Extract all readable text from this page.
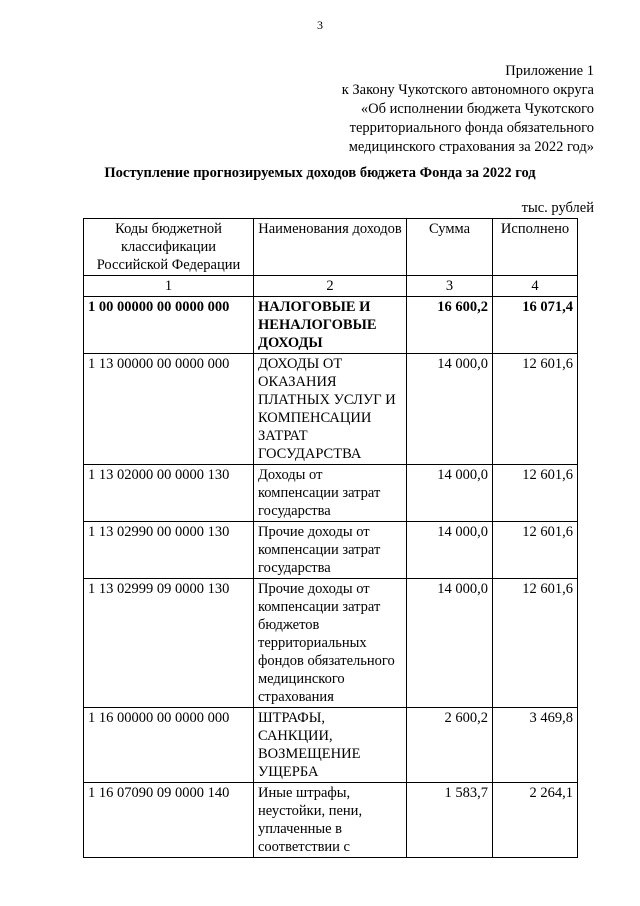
3
Приложение 1
к Закону Чукотского автономного округа
«Об исполнении бюджета Чукотского
территориального фонда обязательного
медицинского страхования за 2022 год»
Поступление прогнозируемых доходов бюджета Фонда за 2022 год
тыс. рублей
Коды бюджетной классификации Российской Федерации	Наименования доходов	Сумма	Исполнено
1	2	3	4
1 00 00000 00 0000 000	НАЛОГОВЫЕ И НЕНАЛОГОВЫЕ ДОХОДЫ	16 600,2	16 071,4
1 13 00000 00 0000 000	ДОХОДЫ ОТ ОКАЗАНИЯ ПЛАТНЫХ УСЛУГ И КОМПЕНСАЦИИ ЗАТРАТ ГОСУДАРСТВА	14 000,0	12 601,6
1 13 02000 00 0000 130	Доходы от компенсации затрат государства	14 000,0	12 601,6
1 13 02990 00 0000 130	Прочие доходы от компенсации затрат государства	14 000,0	12 601,6
1 13 02999 09 0000 130	Прочие доходы от компенсации затрат бюджетов территориальных фондов обязательного медицинского страхования	14 000,0	12 601,6
1 16 00000 00 0000 000	ШТРАФЫ, САНКЦИИ, ВОЗМЕЩЕНИЕ УЩЕРБА	2 600,2	3 469,8
1 16 07090 09 0000 140	Иные штрафы, неустойки, пени, уплаченные в соответствии с	1 583,7	2 264,1
